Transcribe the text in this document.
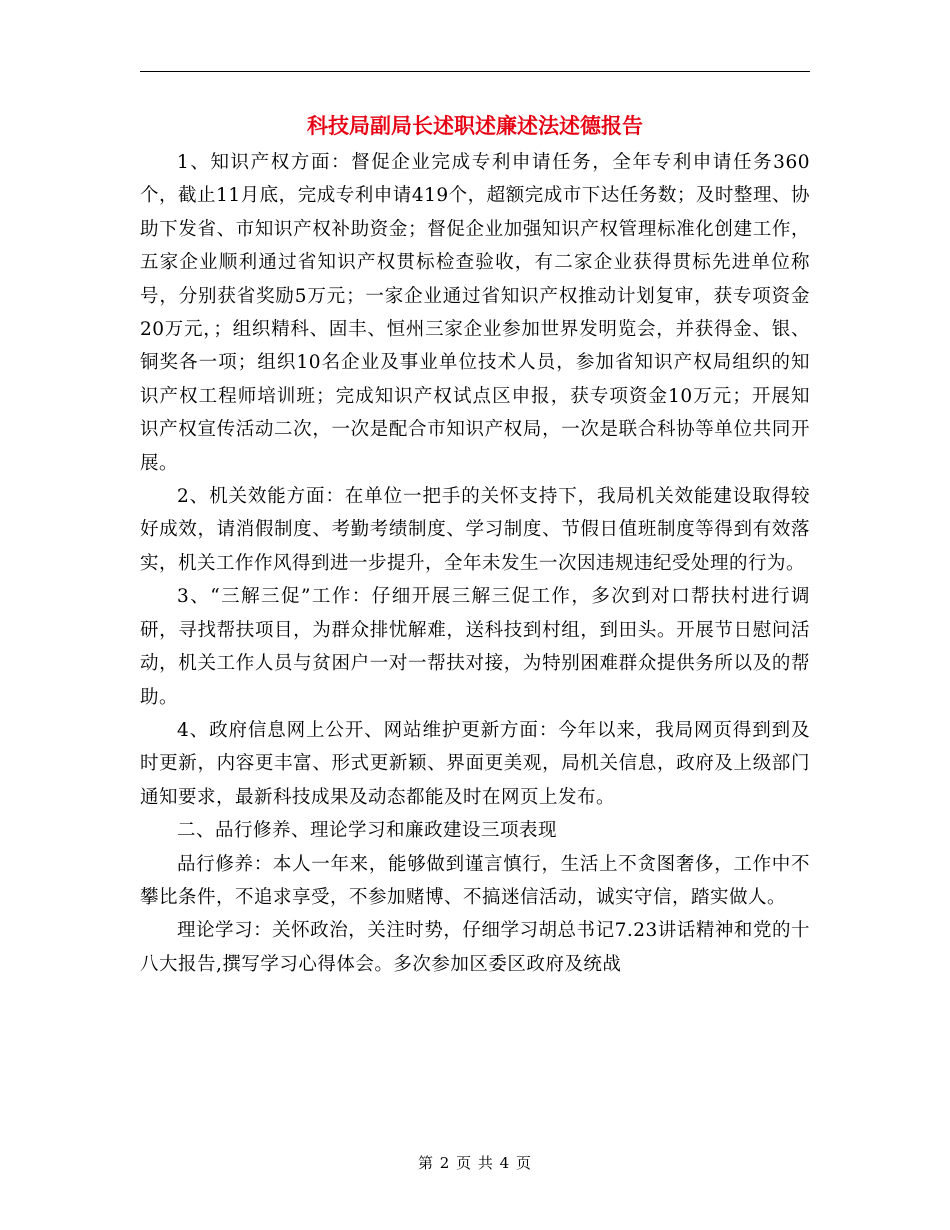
科技局副局长述职述廉述法述德报告

1、知识产权方面：督促企业完成专利申请任务，全年专利申请任务360个，截止11月底，完成专利申请419个，超额完成市下达任务数；及时整理、协助下发省、市知识产权补助资金；督促企业加强知识产权管理标准化创建工作，五家企业顺利通过省知识产权贯标检查验收，有二家企业获得贯标先进单位称号，分别获省奖励5万元；一家企业通过省知识产权推动计划复审，获专项资金20万元，；组织精科、固丰、恒州三家企业参加世界发明览会，并获得金、银、铜奖各一项；组织10名企业及事业单位技术人员，参加省知识产权局组织的知识产权工程师培训班；完成知识产权试点区申报，获专项资金10万元；开展知识产权宣传活动二次，一次是配合市知识产权局，一次是联合科协等单位共同开展。

2、机关效能方面：在单位一把手的关怀支持下，我局机关效能建设取得较好成效，请消假制度、考勤考绩制度、学习制度、节假日值班制度等得到有效落实，机关工作作风得到进一步提升，全年未发生一次因违规违纪受处理的行为。

3、“三解三促”工作：仔细开展三解三促工作，多次到对口帮扶村进行调研，寻找帮扶项目，为群众排忧解难，送科技到村组，到田头。开展节日慰问活动，机关工作人员与贫困户一对一帮扶对接，为特别困难群众提供务所以及的帮助。

4、政府信息网上公开、网站维护更新方面：今年以来，我局网页得到到及时更新，内容更丰富、形式更新颖、界面更美观，局机关信息，政府及上级部门通知要求，最新科技成果及动态都能及时在网页上发布。

二、品行修养、理论学习和廉政建设三项表现

品行修养：本人一年来，能够做到谨言慎行，生活上不贪图奢侈，工作中不攀比条件，不追求享受，不参加赌博、不搞迷信活动，诚实守信，踏实做人。

理论学习：关怀政治，关注时势，仔细学习胡总书记7.23讲话精神和党的十八大报告,撰写学习心得体会。多次参加区委区政府及统战

第 2 页 共 4 页
